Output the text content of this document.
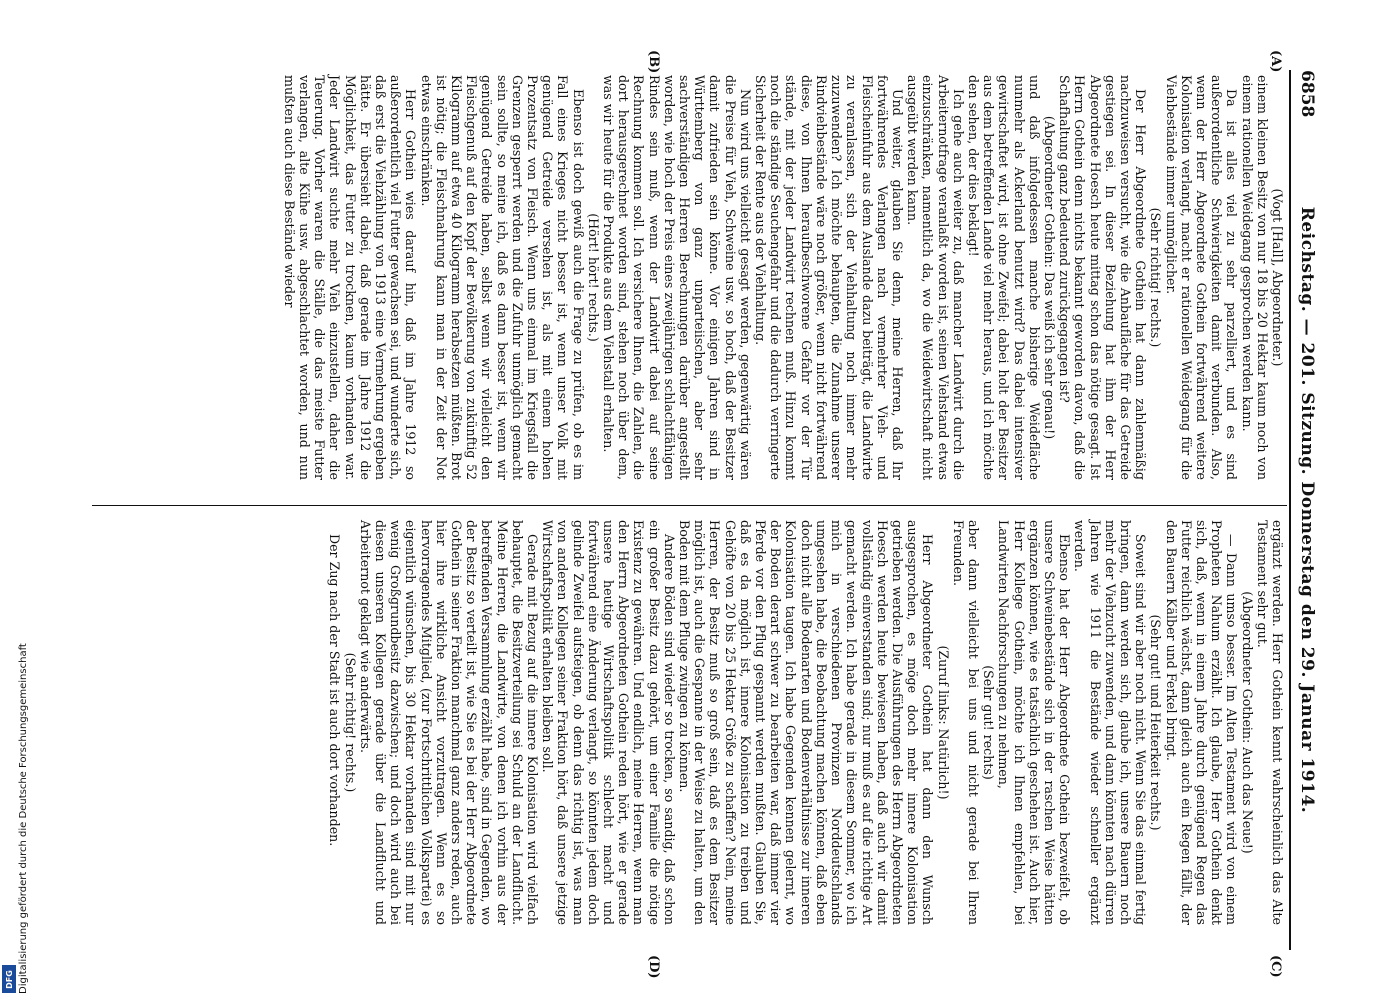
6858
Reichstag. — 201. Sitzung. Donnerstag den 29. Januar 1914.
(A)
(B)
(C)
(D)

(Vogt [Hall], Abgeordneter.)

einem kleinen Besitz von nur 18 bis 20 Hektar kaum noch von einem rationellen Weidegang gesprochen werden kann.

Da ist alles viel zu sehr parzelliert, und es sind außerordentliche Schwierigkeiten damit verbunden. Also, wenn der Herr Abgeordnete Gothein fortwährend weitere Kolonisation verlangt, macht er rationellen Weidegang für die Viehbestände immer unmöglicher.

(Sehr richtig! rechts.)

Der Herr Abgeordnete Gothein hat dann zahlenmäßig nachzuweisen versucht, wie die Anbaufläche für das Getreide gestiegen sei. In dieser Beziehung hat ihm der Herr Abgeordnete Hoesch heute mittag schon das nötige gesagt. Ist Herrn Gothein denn nichts bekannt geworden davon, daß die Schafhaltung ganz bedeutend zurückgegangen ist?

(Abgeordneter Gothein: Das weiß ich sehr genau!)

und daß infolgedessen manche bisherige Weidefläche nunmehr als Ackerland benutzt wird? Das dabei intensiver gewirtschaftet wird, ist ohne Zweifel; dabei holt der Besitzer aus dem betreffenden Lande viel mehr heraus, und ich möchte den sehen, der dies beklagt!

Ich gehe auch weiter zu, daß mancher Landwirt durch die Arbeiternotfrage veranlaßt worden ist, seinen Viehstand etwas einzuschränken, namentlich da, wo die Weidewirtschaft nicht ausgeübt werden kann.

Und weiter, glauben Sie denn, meine Herren, daß Ihr fortwährendes Verlangen nach vermehrter Vieh- und Fleischeinfuhr aus dem Auslande dazu beiträgt, die Landwirte zu veranlassen, sich der Viehhaltung noch immer mehr zuzuwenden? Ich möchte behaupten, die Zunahme unserer Rindviehbestände wäre noch größer, wenn nicht fortwährend diese, von Ihnen heraufbeschworene Gefahr vor der Tür stände, mit der jeder Landwirt rechnen muß. Hinzu kommt noch die ständige Seuchengefahr und die dadurch verringerte Sicherheit der Rente aus der Viehhaltung.

Nun wird uns vielleicht gesagt werden, gegenwärtig wären die Preise für Vieh, Schweine usw. so hoch, daß der Besitzer damit zufrieden sein könne. Vor einigen Jahren sind in Württemberg von ganz unparteiischen, aber sehr sachverständigen Herren Berechnungen darüber angestellt worden, wie hoch der Preis eines zweijährigen schlachtfähigen Rindes sein muß, wenn der Landwirt dabei auf seine Rechnung kommen soll. Ich versichere Ihnen, die Zahlen, die dort herausgerechnet worden sind, stehen noch über dem, was wir heute für die Produkte aus dem Viehstall erhalten.

(Hört! hört! rechts.)

Ebenso ist doch gewiß auch die Frage zu prüfen, ob es im Fall eines Krieges nicht besser ist, wenn unser Volk mit genügend Getreide versehen ist, als mit einem hohen Prozentsatz von Fleisch. Wenn uns einmal im Kriegsfall die Grenzen gesperrt werden und die Zufuhr unmöglich gemacht sein sollte, so meine ich, daß es dann besser ist, wenn wir genügend Getreide haben, selbst wenn wir vielleicht den Fleischgenuß auf den Kopf der Bevölkerung von zukünftig 52 Kilogramm auf etwa 40 Kilogramm herabsetzen müßten. Brot ist nötig; die Fleischnahrung kann man in der Zeit der Not etwas einschränken.

Herr Gothein wies darauf hin, daß im Jahre 1912 so außerordentlich viel Futter gewachsen sei, und wunderte sich, daß erst die Viehzählung von 1913 eine Vermehrung ergeben hätte. Er übersieht dabei, daß gerade im Jahre 1912 die Möglichkeit, das Futter zu trocknen, kaum vorhanden war. Jeder Landwirt suchte mehr Vieh einzustellen, daher die Teuerung. Vorher waren die Ställe, die das meiste Futter verlangen, alte Kühe usw. abgeschlachtet worden, und nun mußten auch diese Bestände wieder

ergänzt werden. Herr Gothein kennt wahrscheinlich das Alte Testament sehr gut.

(Abgeordneter Gothein: Auch das Neue!)

— Dann umso besser. Im Alten Testament wird von einem Propheten Nahum erzählt. Ich glaube, Herr Gothein denkt sich, daß, wenn in einem Jahre durch genügend Regen das Futter reichlich wächst, dann gleich auch ein Regen fällt, der den Bauern Kälber und Ferkel bringt.

(Sehr gut! und Heiterkeit rechts.)

Soweit sind wir aber noch nicht. Wenn Sie das einmal fertig bringen, dann werden sich, glaube ich, unsere Bauern noch mehr der Viehzucht zuwenden, und dann könnten nach dürren Jahren wie 1911 die Bestände wieder schneller ergänzt werden.

Ebenso hat der Herr Abgeordnete Gothein bezweifelt, ob unsere Schweinebestände sich in der raschen Weise hätten ergänzen können, wie es tatsächlich geschehen ist. Auch hier, Herr Kollege Gothein, möchte ich Ihnen empfehlen, bei Landwirten Nachforschungen zu nehmen,

(Sehr gut! rechts)

aber dann vielleicht bei uns und nicht gerade bei Ihren Freunden.

(Zuruf links: Natürlich!)

Herr Abgeordneter Gothein hat dann den Wunsch ausgesprochen, es möge doch mehr innere Kolonisation getrieben werden. Die Ausführungen des Herrn Abgeordneten Hoesch werden heute bewiesen haben, daß auch wir damit vollständig einverstanden sind; nur muß es auf die richtige Art gemacht werden. Ich habe gerade in diesem Sommer, wo ich mich in verschiedenen Provinzen Norddeutschlands umgesehen habe, die Beobachtung machen können, daß eben doch nicht alle Bodenarten und Bodenverhältnisse zur inneren Kolonisation taugen. Ich habe Gegenden kennen gelernt, wo der Boden derart schwer zu bearbeiten war, daß immer vier Pferde vor den Pflug gespannt werden mußten. Glauben Sie, daß es da möglich ist, innere Kolonisation zu treiben und Gehöfte von 20 bis 25 Hektar Größe zu schaffen? Nein, meine Herren, der Besitz muß so groß sein, daß es dem Besitzer möglich ist, auch die Gespanne in der Weise zu halten, um den Boden mit dem Pfluge zwingen zu können.

Andere Böden sind wieder so trocken, so sandig, daß schon ein großer Besitz dazu gehört, um einer Familie die nötige Existenz zu gewähren. Und endlich, meine Herren, wenn man den Herrn Abgeordneten Gothein reden hört, wie er gerade unsere heutige Wirtschaftspolitik schlecht macht und fortwährend eine Änderung verlangt, so könnten jedem doch gelinde Zweifel aufsteigen, ob denn das richtig ist, was man von anderen Kollegen seiner Fraktion hört, daß unsere jetzige Wirtschaftspolitik erhalten bleiben soll.

Gerade mit Bezug auf die innere Kolonisation wird vielfach behauptet, die Besitzverteilung sei Schuld an der Landflucht. Meine Herren, die Landwirte, von denen ich vorhin aus der betreffenden Versammlung erzählt habe, sind in Gegenden, wo der Besitz so verteilt ist, wie Sie es bei der Herr Abgeordnete Gothein in seiner Fraktion manchmal ganz anders reden, auch hier ihre wirkliche Ansicht vorzutragen. Wenn es so hervorragendes Mitglied, (zur Fortschrittlichen Volkspartei) es eigentlich wünschen, bis 30 Hektar vorhanden sind mit nur wenig Großgrundbesitz dazwischen; und doch wird auch bei diesen unseren Kollegen gerade über die Landflucht und Arbeiternot geklagt wie anderwärts.

(Sehr richtig! rechts.)

Der Zug nach der Stadt ist auch dort vorhanden.

Digitalisierung gefördert durch die Deutsche Forschungsgemeinschaft
DFG
